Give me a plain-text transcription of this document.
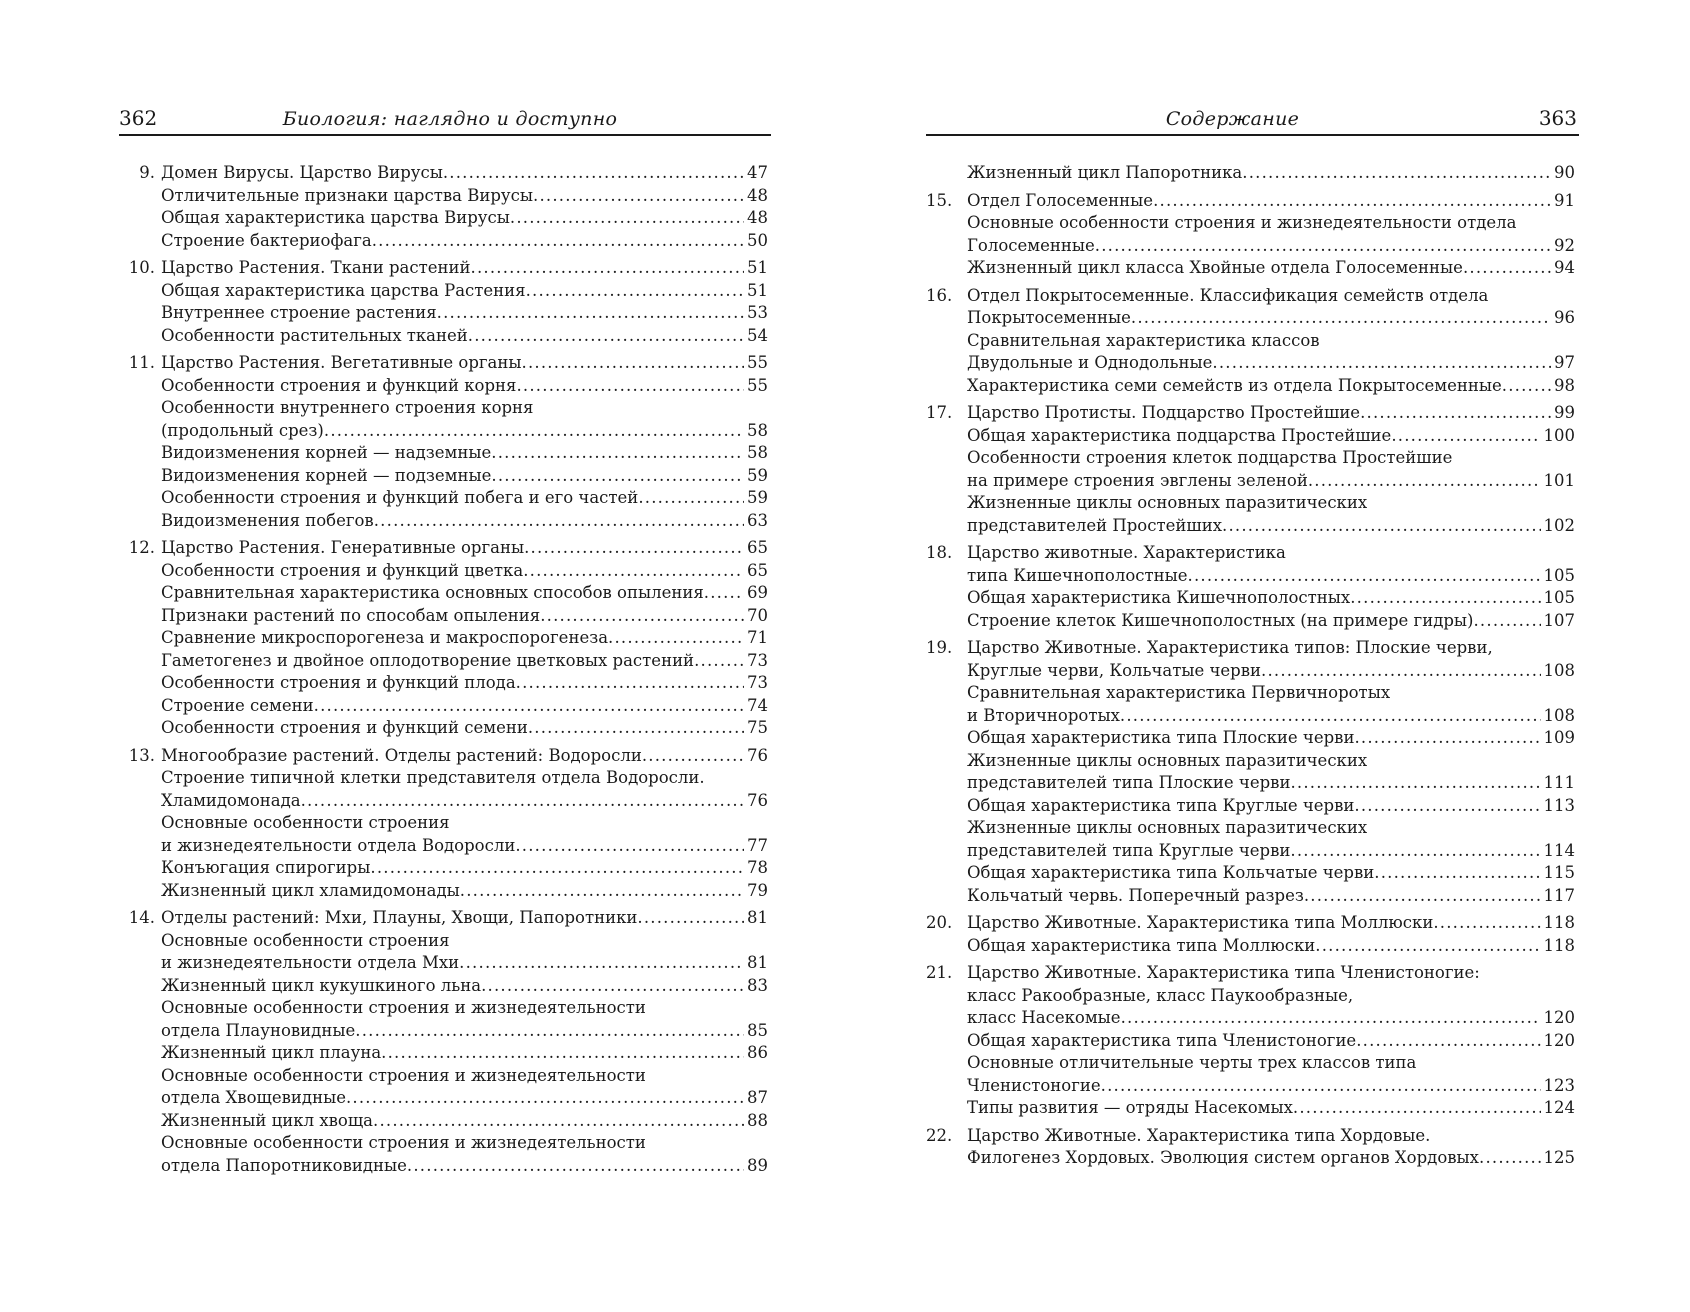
362	Биология: наглядно и доступно
9. Домен Вирусы. Царство Вирусы .....	47
Отличительные признаки царства Вирусы .....	48
Общая характеристика царства Вирусы .....	48
Строение бактериофага .....	50
10. Царство Растения. Ткани растений .....	51
Общая характеристика царства Растения .....	51
Внутреннее строение растения .....	53
Особенности растительных тканей .....	54
11. Царство Растения. Вегетативные органы .....	55
Особенности строения и функций корня .....	55
Особенности внутреннего строения корня
(продольный срез) .....	58
Видоизменения корней — надземные .....	58
Видоизменения корней — подземные .....	59
Особенности строения и функций побега и его частей .....	59
Видоизменения побегов .....	63
12. Царство Растения. Генеративные органы .....	65
Особенности строения и функций цветка .....	65
Сравнительная характеристика основных способов опыления .....	69
Признаки растений по способам опыления .....	70
Сравнение микроспорогенеза и макроспорогенеза .....	71
Гаметогенез и двойное оплодотворение цветковых растений .....	73
Особенности строения и функций плода .....	73
Строение семени .....	74
Особенности строения и функций семени .....	75
13. Многообразие растений. Отделы растений: Водоросли .....	76
Строение типичной клетки представителя отдела Водоросли.
Хламидомонада .....	76
Основные особенности строения
и жизнедеятельности отдела Водоросли .....	77
Конъюгация спирогиры .....	78
Жизненный цикл хламидомонады .....	79
14. Отделы растений: Мхи, Плауны, Хвощи, Папоротники .....	81
Основные особенности строения
и жизнедеятельности отдела Мхи .....	81
Жизненный цикл кукушкиного льна .....	83
Основные особенности строения и жизнедеятельности
отдела Плауновидные .....	85
Жизненный цикл плауна .....	86
Основные особенности строения и жизнедеятельности
отдела Хвощевидные .....	87
Жизненный цикл хвоща .....	88
Основные особенности строения и жизнедеятельности
отдела Папоротниковидные .....	89
Содержание	363
Жизненный цикл Папоротника .....	90
15. Отдел Голосеменные .....	91
Основные особенности строения и жизнедеятельности отдела
Голосеменные .....	92
Жизненный цикл класса Хвойные отдела Голосеменные .....	94
16. Отдел Покрытосеменные. Классификация семейств отдела
Покрытосеменные .....	96
Сравнительная характеристика классов
Двудольные и Однодольные .....	97
Характеристика семи семейств из отдела Покрытосеменные .....	98
17. Царство Протисты. Подцарство Простейшие .....	99
Общая характеристика подцарства Простейшие .....	100
Особенности строения клеток подцарства Простейшие
на примере строения эвглены зеленой .....	101
Жизненные циклы основных паразитических
представителей Простейших .....	102
18. Царство животные. Характеристика
типа Кишечнополостные .....	105
Общая характеристика Кишечнополостных .....	105
Строение клеток Кишечнополостных (на примере гидры) .....	107
19. Царство Животные. Характеристика типов: Плоские черви,
Круглые черви, Кольчатые черви .....	108
Сравнительная характеристика Первичноротых
и Вторичноротых .....	108
Общая характеристика типа Плоские черви .....	109
Жизненные циклы основных паразитических
представителей типа Плоские черви .....	111
Общая характеристика типа Круглые черви .....	113
Жизненные циклы основных паразитических
представителей типа Круглые черви .....	114
Общая характеристика типа Кольчатые черви .....	115
Кольчатый червь. Поперечный разрез .....	117
20. Царство Животные. Характеристика типа Моллюски .....	118
Общая характеристика типа Моллюски .....	118
21. Царство Животные. Характеристика типа Членистоногие:
класс Ракообразные, класс Паукообразные,
класс Насекомые .....	120
Общая характеристика типа Членистоногие .....	120
Основные отличительные черты трех классов типа
Членистоногие .....	123
Типы развития — отряды Насекомых .....	124
22. Царство Животные. Характеристика типа Хордовые.
Филогенез Хордовых. Эволюция систем органов Хордовых .....	125
